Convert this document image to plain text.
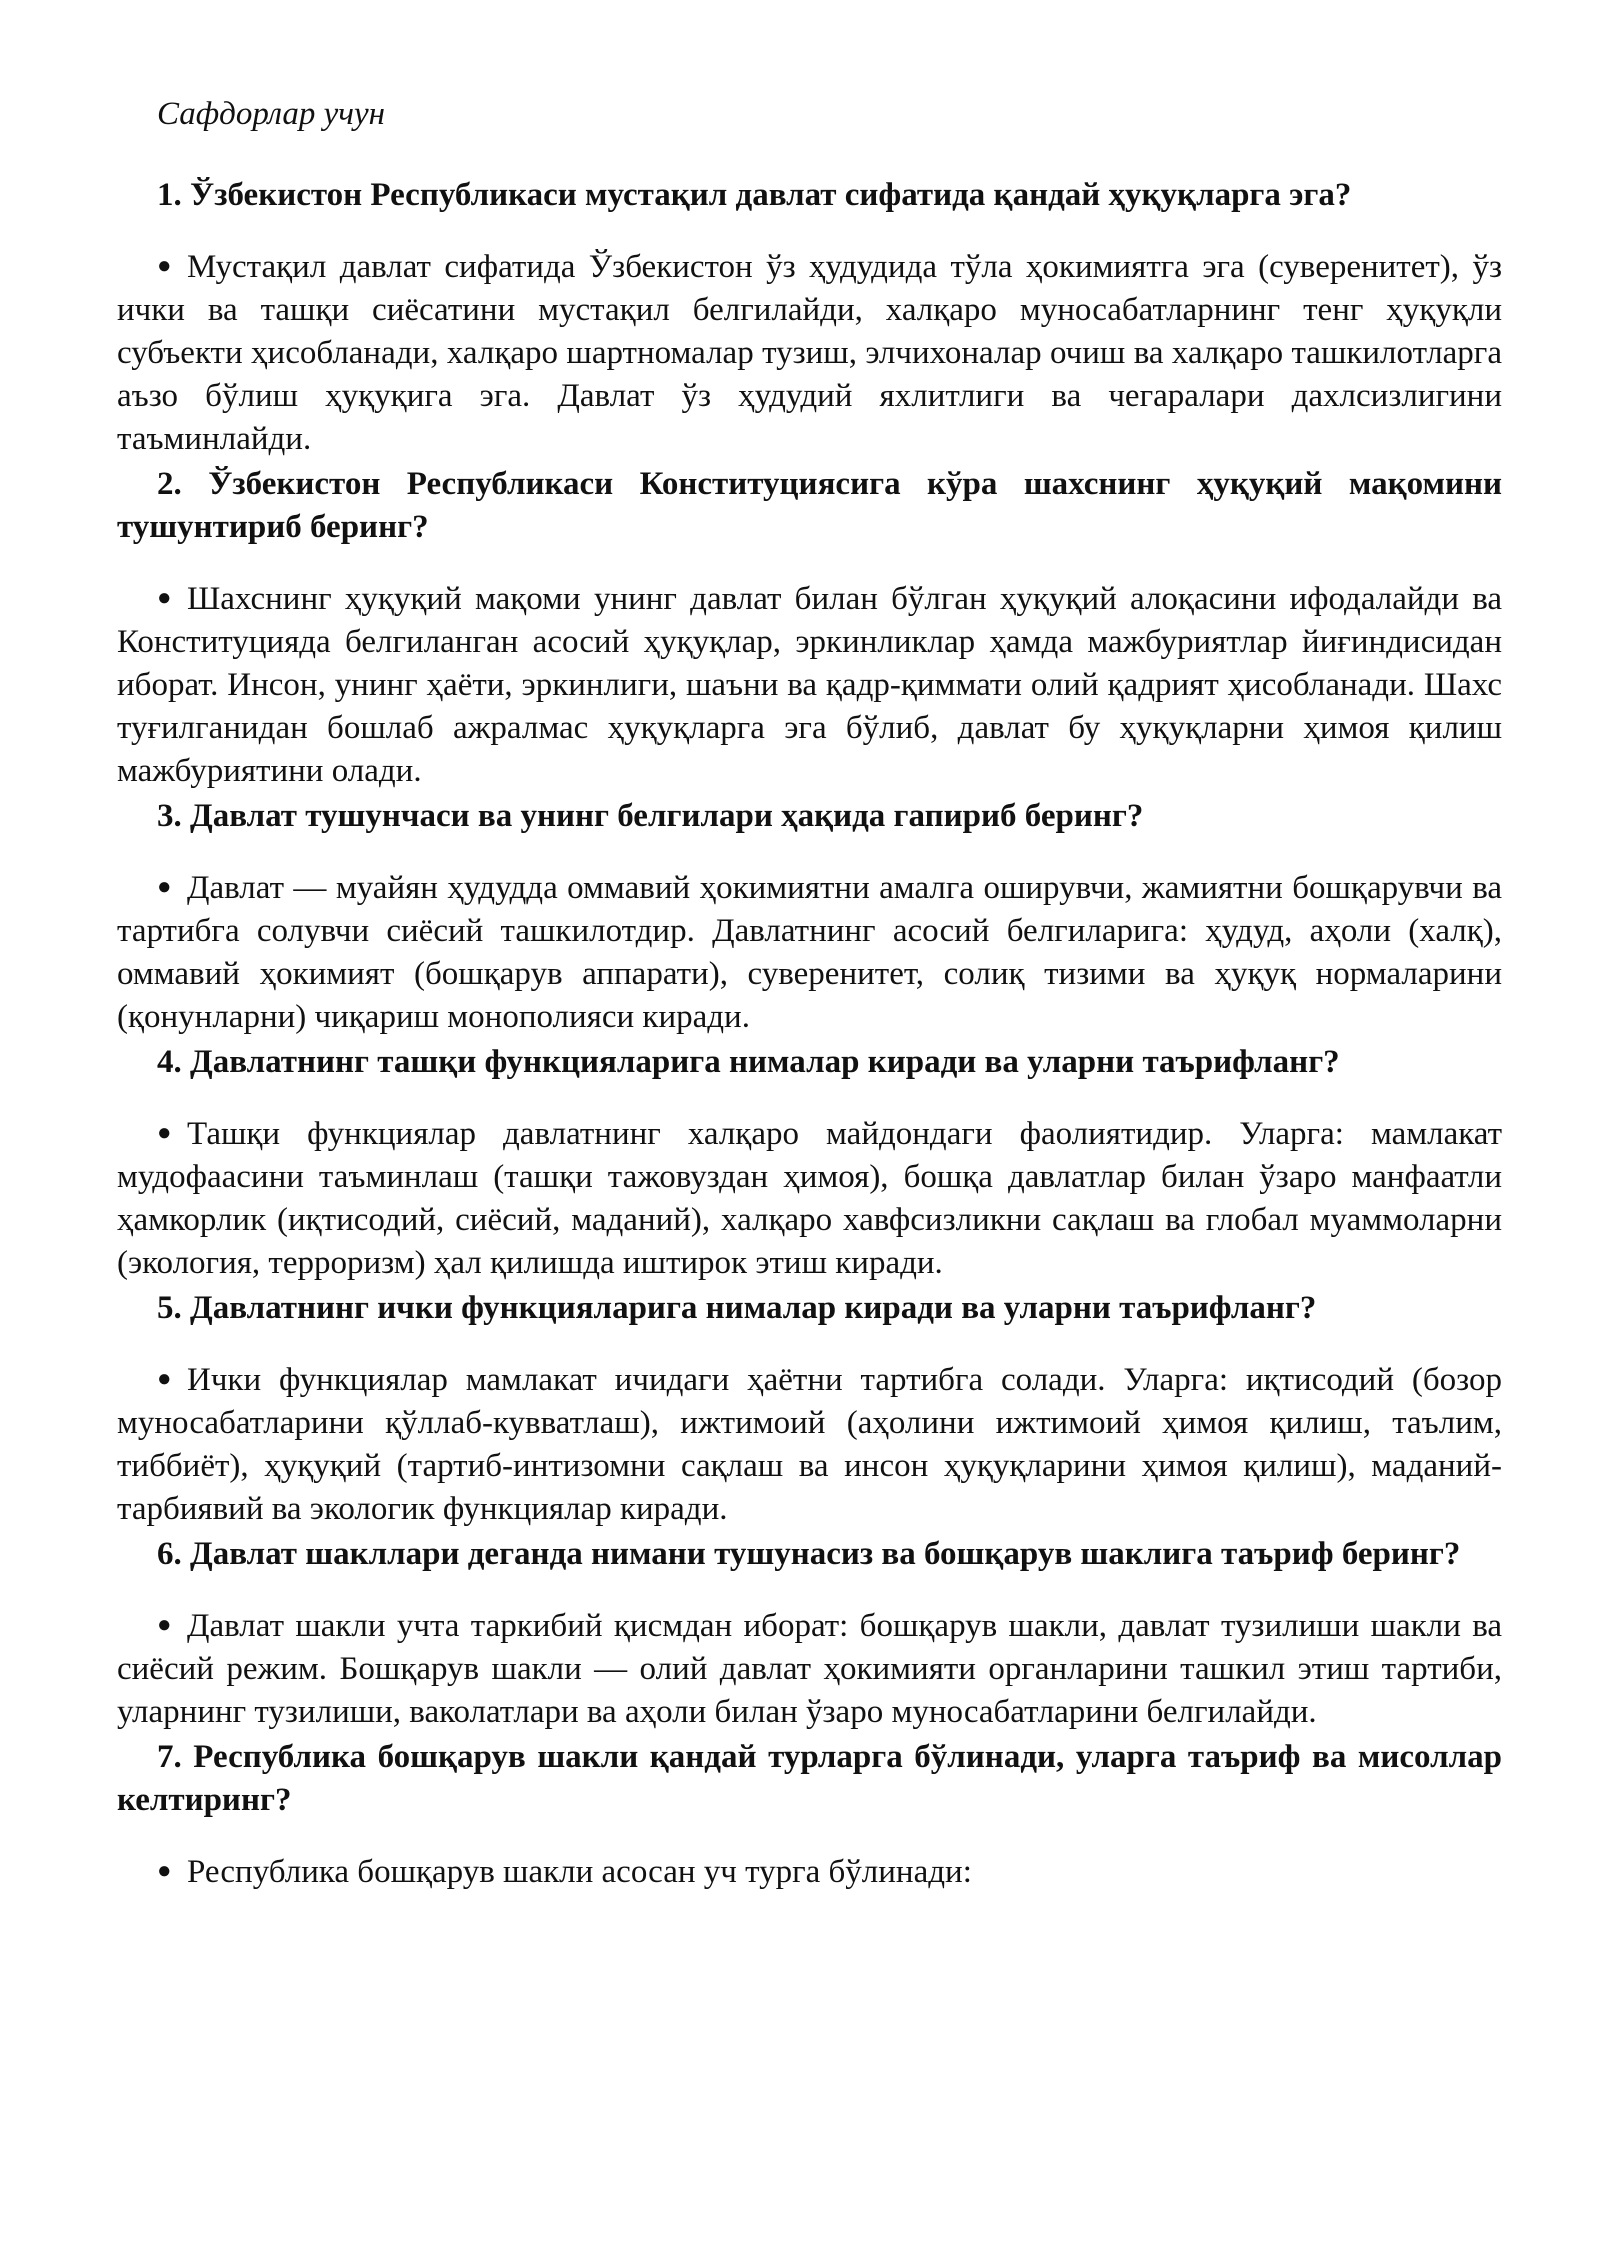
Сафдорлар учун

1. Ўзбекистон Республикаси мустақил давлат сифатида қандай ҳуқуқларга эга?

● Мустақил давлат сифатида Ўзбекистон ўз ҳудудида тўла ҳокимиятга эга (суверенитет), ўз ички ва ташқи сиёсатини мустақил белгилайди, халқаро муносабатларнинг тенг ҳуқуқли субъекти ҳисобланади, халқаро шартномалар тузиш, элчихоналар очиш ва халқаро ташкилотларга аъзо бўлиш ҳуқуқига эга. Давлат ўз ҳудудий яхлитлиги ва чегаралари дахлсизлигини таъминлайди.

2. Ўзбекистон Республикаси Конституциясига кўра шахснинг ҳуқуқий мақомини тушунтириб беринг?

● Шахснинг ҳуқуқий мақоми унинг давлат билан бўлган ҳуқуқий алоқасини ифодалайди ва Конституцияда белгиланган асосий ҳуқуқлар, эркинликлар ҳамда мажбуриятлар йиғиндисидан иборат. Инсон, унинг ҳаёти, эркинлиги, шаъни ва қадр-қиммати олий қадрият ҳисобланади. Шахс туғилганидан бошлаб ажралмас ҳуқуқларга эга бўлиб, давлат бу ҳуқуқларни ҳимоя қилиш мажбуриятини олади.

3. Давлат тушунчаси ва унинг белгилари ҳақида гапириб беринг?

● Давлат — муайян ҳудудда оммавий ҳокимиятни амалга оширувчи, жамиятни бошқарувчи ва тартибга солувчи сиёсий ташкилотдир. Давлатнинг асосий белгиларига: ҳудуд, аҳоли (халқ), оммавий ҳокимият (бошқарув аппарати), суверенитет, солиқ тизими ва ҳуқуқ нормаларини (қонунларни) чиқариш монополияси киради.

4. Давлатнинг ташқи функцияларига нималар киради ва уларни таърифланг?

● Ташқи функциялар давлатнинг халқаро майдондаги фаолиятидир. Уларга: мамлакат мудофаасини таъминлаш (ташқи тажовуздан ҳимоя), бошқа давлатлар билан ўзаро манфаатли ҳамкорлик (иқтисодий, сиёсий, маданий), халқаро хавфсизликни сақлаш ва глобал муаммоларни (экология, терроризм) ҳал қилишда иштирок этиш киради.

5. Давлатнинг ички функцияларига нималар киради ва уларни таърифланг?

● Ички функциялар мамлакат ичидаги ҳаётни тартибга солади. Уларга: иқтисодий (бозор муносабатларини қўллаб-кувватлаш), ижтимоий (аҳолини ижтимоий ҳимоя қилиш, таълим, тиббиёт), ҳуқуқий (тартиб-интизомни сақлаш ва инсон ҳуқуқларини ҳимоя қилиш), маданий-тарбиявий ва экологик функциялар киради.

6. Давлат шакллари деганда нимани тушунасиз ва бошқарув шаклига таъриф беринг?

● Давлат шакли учта таркибий қисмдан иборат: бошқарув шакли, давлат тузилиши шакли ва сиёсий режим. Бошқарув шакли — олий давлат ҳокимияти органларини ташкил этиш тартиби, уларнинг тузилиши, ваколатлари ва аҳоли билан ўзаро муносабатларини белгилайди.

7. Республика бошқарув шакли қандай турларга бўлинади, уларга таъриф ва мисоллар келтиринг?

● Республика бошқарув шакли асосан уч турга бўлинади:
